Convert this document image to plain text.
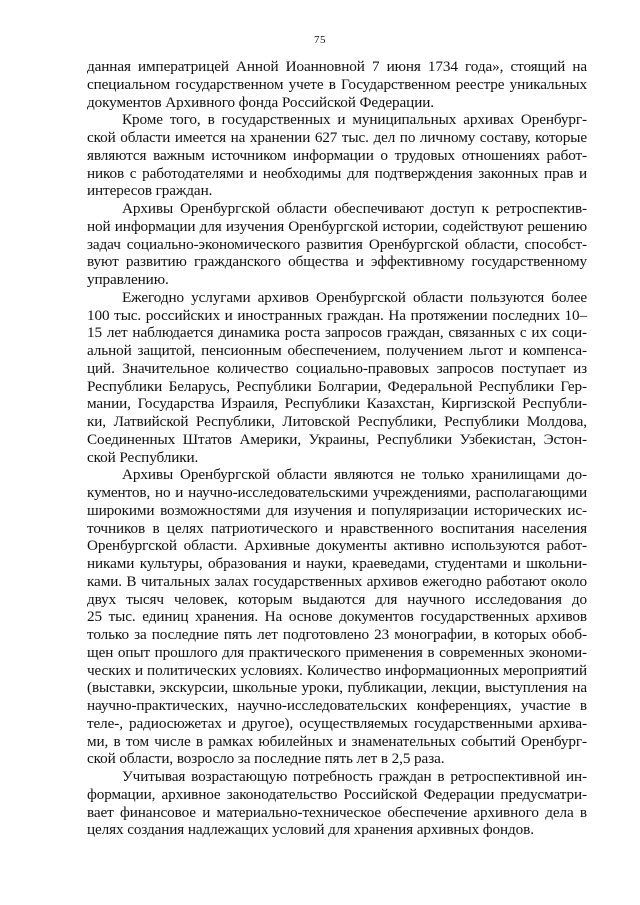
75
данная императрицей Анной Иоанновной 7 июня 1734 года», стоящий на
специальном государственном учете в Государственном реестре уникальных
документов Архивного фонда Российской Федерации.
Кроме того, в государственных и муниципальных архивах Оренбург-
ской области имеется на хранении 627 тыс. дел по личному составу, которые
являются важным источником информации о трудовых отношениях работ-
ников с работодателями и необходимы для подтверждения законных прав и
интересов граждан.
Архивы Оренбургской области обеспечивают доступ к ретроспектив-
ной информации для изучения Оренбургской истории, содействуют решению
задач социально-экономического развития Оренбургской области, способст-
вуют развитию гражданского общества и эффективному государственному
управлению.
Ежегодно услугами архивов Оренбургской области пользуются более
100 тыс. российских и иностранных граждан. На протяжении последних 10–
15 лет наблюдается динамика роста запросов граждан, связанных с их соци-
альной защитой, пенсионным обеспечением, получением льгот и компенса-
ций. Значительное количество социально-правовых запросов поступает из
Республики Беларусь, Республики Болгарии, Федеральной Республики Гер-
мании, Государства Израиля, Республики Казахстан, Киргизской Республи-
ки, Латвийской Республики, Литовской Республики, Республики Молдова,
Соединенных Штатов Америки, Украины, Республики Узбекистан, Эстон-
ской Республики.
Архивы Оренбургской области являются не только хранилищами до-
кументов, но и научно-исследовательскими учреждениями, располагающими
широкими возможностями для изучения и популяризации исторических ис-
точников в целях патриотического и нравственного воспитания населения
Оренбургской области. Архивные документы активно используются работ-
никами культуры, образования и науки, краеведами, студентами и школьни-
ками. В читальных залах государственных архивов ежегодно работают около
двух тысяч человек, которым выдаются для научного исследования до
25 тыс. единиц хранения. На основе документов государственных архивов
только за последние пять лет подготовлено 23 монографии, в которых обоб-
щен опыт прошлого для практического применения в современных экономи-
ческих и политических условиях. Количество информационных мероприятий
(выставки, экскурсии, школьные уроки, публикации, лекции, выступления на
научно-практических, научно-исследовательских конференциях, участие в
теле-, радиосюжетах и другое), осуществляемых государственными архива-
ми, в том числе в рамках юбилейных и знаменательных событий Оренбург-
ской области, возросло за последние пять лет в 2,5 раза.
Учитывая возрастающую потребность граждан в ретроспективной ин-
формации, архивное законодательство Российской Федерации предусматри-
вает финансовое и материально-техническое обеспечение архивного дела в
целях создания надлежащих условий для хранения архивных фондов.
